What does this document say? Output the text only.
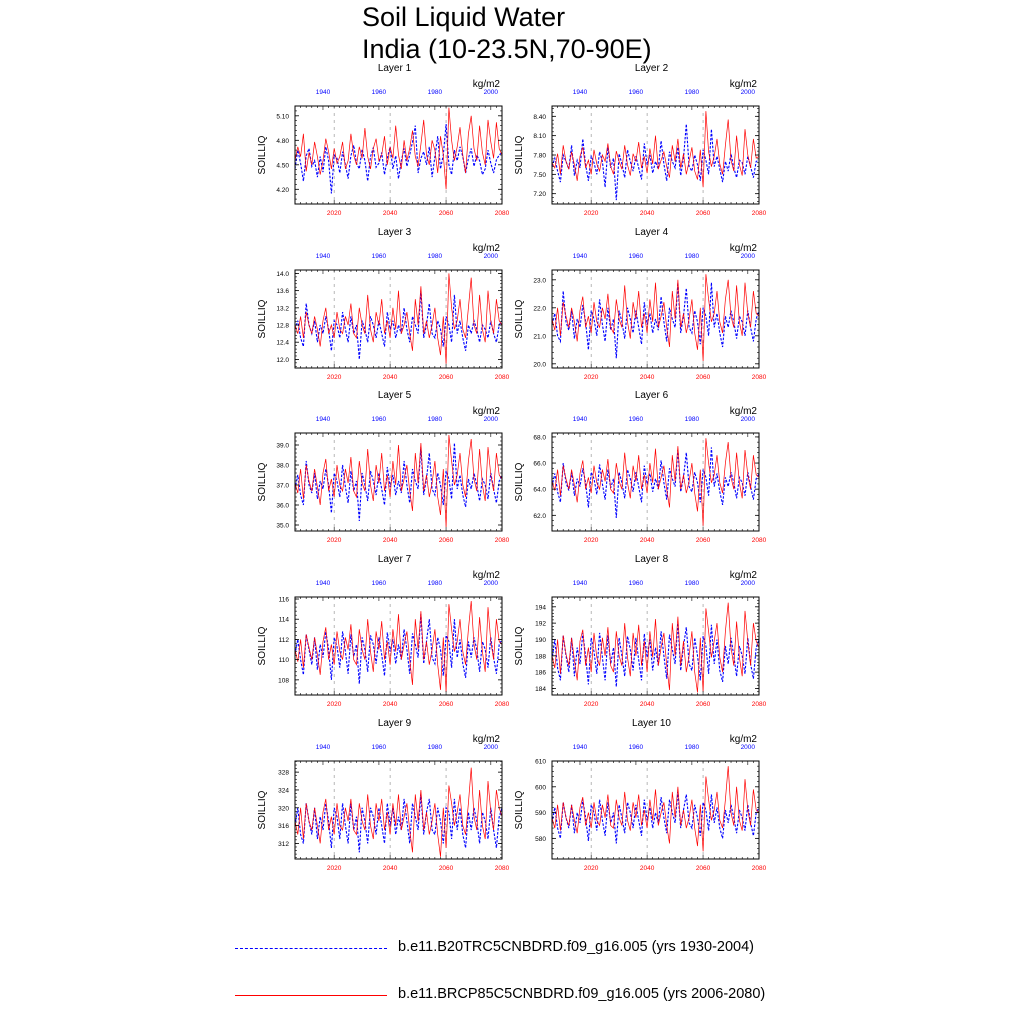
Soil Liquid Water
India (10-23.5N,70-90E)
Layer 1
kg/m2
SOILLIQ
4.20
4.50
4.80
5.10
2020	2040	2060	2080
1940	1960	1980	2000
Layer 2
kg/m2
SOILLIQ
7.20
7.50
7.80
8.10
8.40
2020	2040	2060	2080
1940	1960	1980	2000
Layer 3
kg/m2
SOILLIQ
12.0
12.4
12.8
13.2
13.6
14.0
2020	2040	2060	2080
1940	1960	1980	2000
Layer 4
kg/m2
SOILLIQ
20.0
21.0
22.0
23.0
2020	2040	2060	2080
1940	1960	1980	2000
Layer 5
kg/m2
SOILLIQ
35.0
36.0
37.0
38.0
39.0
2020	2040	2060	2080
1940	1960	1980	2000
Layer 6
kg/m2
SOILLIQ
62.0
64.0
66.0
68.0
2020	2040	2060	2080
1940	1960	1980	2000
Layer 7
kg/m2
SOILLIQ
108
110
112
114
116
2020	2040	2060	2080
1940	1960	1980	2000
Layer 8
kg/m2
SOILLIQ
184
186
188
190
192
194
2020	2040	2060	2080
1940	1960	1980	2000
Layer 9
kg/m2
SOILLIQ
312
316
320
324
328
2020	2040	2060	2080
1940	1960	1980	2000
Layer 10
kg/m2
SOILLIQ
580
590
600
610
2020	2040	2060	2080
1940	1960	1980	2000
b.e11.B20TRC5CNBDRD.f09_g16.005 (yrs 1930-2004)
b.e11.BRCP85C5CNBDRD.f09_g16.005 (yrs 2006-2080)
